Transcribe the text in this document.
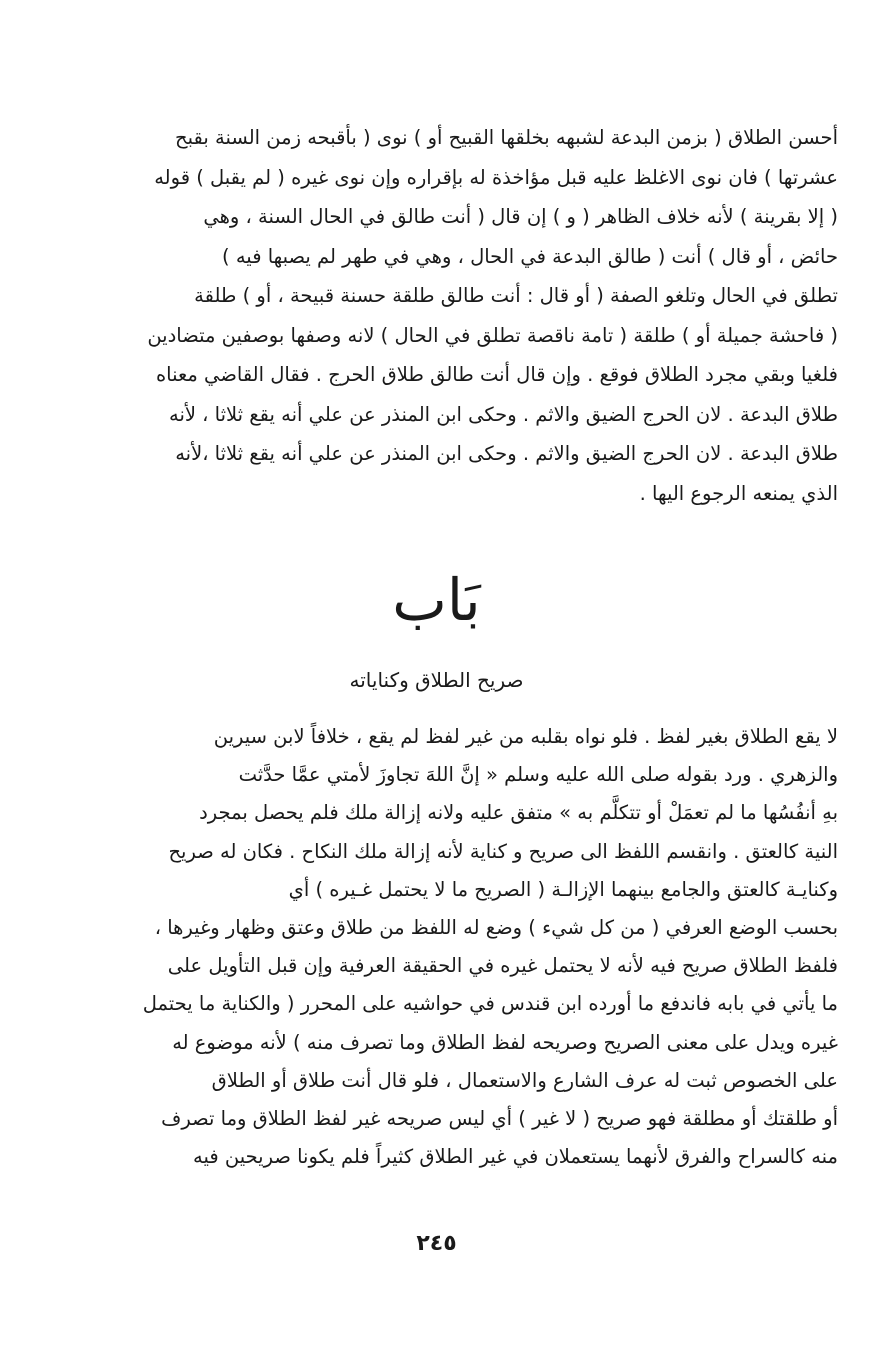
أحسن الطلاق ( بزمن البدعة لشبهه بخلقها القبيح أو ) نوى ( بأقبحه زمن السنة بقبح
عشرتها ) فان نوى الاغلظ عليه قبل مؤاخذة له بإقراره وإن نوى غيره ( لم يقبل ) قوله
( إلا بقرينة ) لأنه خلاف الظاهر ( و ) إن قال ( أنت طالق في الحال السنة ، وهي
حائض ، أو قال ) أنت ( طالق البدعة في الحال ، وهي في طهر لم يصبها فيه )
تطلق في الحال وتلغو الصفة ( أو قال : أنت طالق طلقة حسنة قبيحة ، أو ) طلقة
( فاحشة جميلة أو ) طلقة ( تامة ناقصة تطلق في الحال ) لانه وصفها بوصفين متضادين
فلغيا وبقي مجرد الطلاق فوقع . وإن قال أنت طالق طلاق الحرج . فقال القاضي معناه
طلاق البدعة . لان الحرج الضيق والاثم . وحكى ابن المنذر عن علي أنه يقع ثلاثا ، لأنه
طلاق البدعة . لان الحرج الضيق والاثم . وحكى ابن المنذر عن علي أنه يقع ثلاثا ،لأنه
الذي يمنعه الرجوع اليها .
بَاب
صريح الطلاق وكناياته
لا يقع الطلاق بغير لفظ . فلو نواه بقلبه من غير لفظ لم يقع ، خلافاً لابن سيرين
والزهري . ورد بقوله صلى الله عليه وسلم « إنَّ اللهَ تجاوزَ لأمتي عمَّا حدَّثت
بهِ أنفُسُها ما لم تعمَلْ أو تتكلَّم به » متفق عليه ولانه إزالة ملك فلم يحصل بمجرد
النية كالعتق . وانقسم اللفظ الى صريح و كناية لأنه إزالة ملك النكاح . فكان له صريح
وكنايـة كالعتق والجامع بينهما الإزالـة ( الصريح ما لا يحتمل غـيره ) أي
بحسب الوضع العرفي ( من كل شيء ) وضع له اللفظ من طلاق وعتق وظهار وغيرها ،
فلفظ الطلاق صريح فيه لأنه لا يحتمل غيره في الحقيقة العرفية وإن قبل التأويل على
ما يأتي في بابه فاندفع ما أورده ابن قندس في حواشيه على المحرر ( والكناية ما يحتمل
غيره ويدل على معنى الصريح وصريحه لفظ الطلاق وما تصرف منه ) لأنه موضوع له
على الخصوص ثبت له عرف الشارع والاستعمال ، فلو قال أنت طلاق أو الطلاق
أو طلقتك أو مطلقة فهو صريح ( لا غير ) أي ليس صريحه غير لفظ الطلاق وما تصرف
منه كالسراح والفرق لأنهما يستعملان في غير الطلاق كثيراً فلم يكونا صريحين فيه
٢٤٥
